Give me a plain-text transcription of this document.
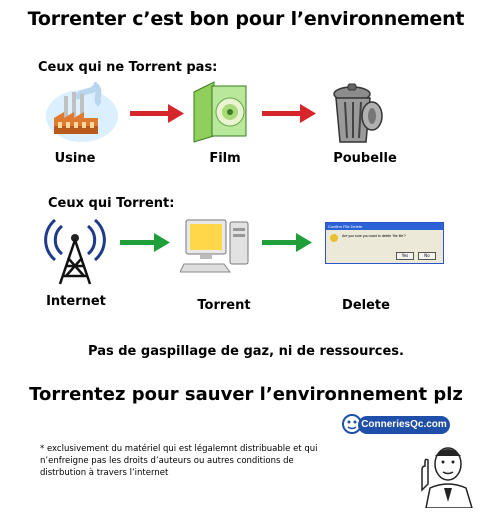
Torrenter c’est bon pour l’environnement
Ceux qui ne Torrent pas:
Usine	Film	Poubelle
Ceux qui Torrent:
Confirm File Delete
Are you sure you want to delete 'the file'?
Yes	No
Internet	Torrent	Delete
Pas de gaspillage de gaz, ni de ressources.
Torrentez pour sauver l’environnement plz
ConneriesQc.com
* exclusivement du matériel qui est légalemnt distribuable et qui n’enfreigne pas les droits d’auteurs ou autres conditions de distrbution à travers l’internet
